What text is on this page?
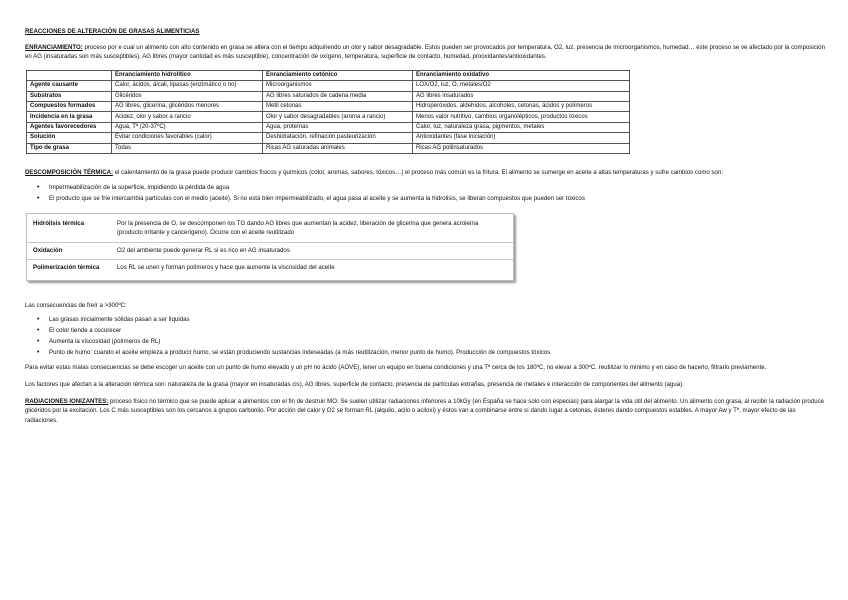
REACCIONES DE ALTERACIÓN DE GRASAS ALIMENTICIAS

ENRANCIAMIENTO: proceso por e cual un alimento con alto contenido en grasa se altera con el tiempo adquiriendo un olor y sabor desagradable. Estos pueden ser provocados por temperatura, O2, luz, presencia de microorganismos, humedad… este proceso se ve afectado por la composición en AG (insaturadas son más susceptibles), AG libres (mayor cantidad es más susceptible), concentración de oxígeno, temperatura, superficie de contacto, humedad, prooxidantes/antioxidantes.

	Enranciamiento hidrolítico	Enranciamiento cetónico	Enranciamiento oxidativo
Agente causante	Calor, ácidos, álcali, lipasas (enzimático o no)	Microorganismos	LOX/O2, luz, O, metales/O2
Substratos	Glicéridos	AG libres saturados de cadena media	AG libres insaturados
Compuestos formados	AG libres, glicerina, glicéridos menores	Metil cetonas	Hidroperóxidos, aldehídos, alcoholes, cetonas, ácidos y polímeros
Incidencia en la grasa	Acidez, olor y sabor a rancio	Olor y sabor desagradables (aroma a rancio)	Menos valor nutritivo, cambios organolépticos, productos tóxicos
Agentes favorecedores	Agua, Tª (20-37ºC)	Agua, proteínas	Calor, luz, naturaleza grasa, pigmentos, metales
Solución	Evitar condiciones favorables (calor)	Deshidratación, refinación pasteurización	Antioxidantes (fase iniciación)
Tipo de grasa	Todas	Ricas AG saturadas animales	Ricas AG poliinsaturados

DESCOMPOSICIÓN TÉRMICA: el calentamiento de la grasa puede producir cambios físicos y químicos (color, aromas, sabores, tóxicos…) el proceso más común es la fritura. El alimento se sumerge en aceite a altas temperaturas y sufre cambios como son:

• Impermeabilización de la superficie, impidiendo la pérdida de agua
• El producto que se fríe intercambia partículas con el medio (aceite). Si no está bien impermeabilizado, el agua pasa al aceite y se aumenta la hidrolisis, se liberan compuestos que pueden ser tóxicos
Hidrólisis térmica	Por la presencia de O, se descomponen los TG dando AG libres que aumentan la acidez, liberación de glicerina que genera acroleína (producto irritante y cancerígeno). Ocurre con el aceite reutilizado
Oxidación	O2 del ambiente puede generar RL si es rico en AG insaturados
Polimerización térmica	Los RL se unen y forman polímeros y hace que aumente la viscosidad del aceite

Las consecuencias de freír a >300ºC:

• Las grasas inicialmente sólidas pasan a ser líquidas
• El color tiende a oscurecer
• Aumenta la viscosidad (polímeros de RL)
• Punto de humo: cuando el aceite empieza a producir humo, se están produciendo sustancias indeseadas (a más reutilización, menor punto de humo). Producción de compuestos tóxicos

Para evitar estas malas consecuencias se debe escoger un aceite con un punto de humo elevado y un pH no ácido (AOVE), tener un equipo en buena condiciones y una Tª cerca de los 180ºC, no elevar a 300ºC. reutilizar lo mínimo y en caso de hacerlo, filtrarlo previamente.

Los factores que afectan a la alteración térmica son: naturaleza de la grasa (mayor en insaturadas cis), AG libres, superficie de contacto, presencia de partículas extrañas, presencia de metales e interacción de componentes del alimento (agua).

RADIACIONES IONIZANTES: proceso físico no térmico que se puede aplicar a alimentos con el fin de destruir MO. Se suelen utilizar radiaciones inferiores a 10kGy (en España se hace solo con especias) para alargar la vida útil del alimento. Un alimento con grasa, al recibir la radiación produce glicéridos por la excitación. Los C más susceptibles son los cercanos a grupos carbonilo. Por acción del calor y O2 se forman RL (alquilo, acilo o aciloxi) y éstos van a combinarse entre sí dando lugar a cetonas, ésteres dando compuestos estables. A mayor Aw y Tª, mayor efecto de las radiaciones.
